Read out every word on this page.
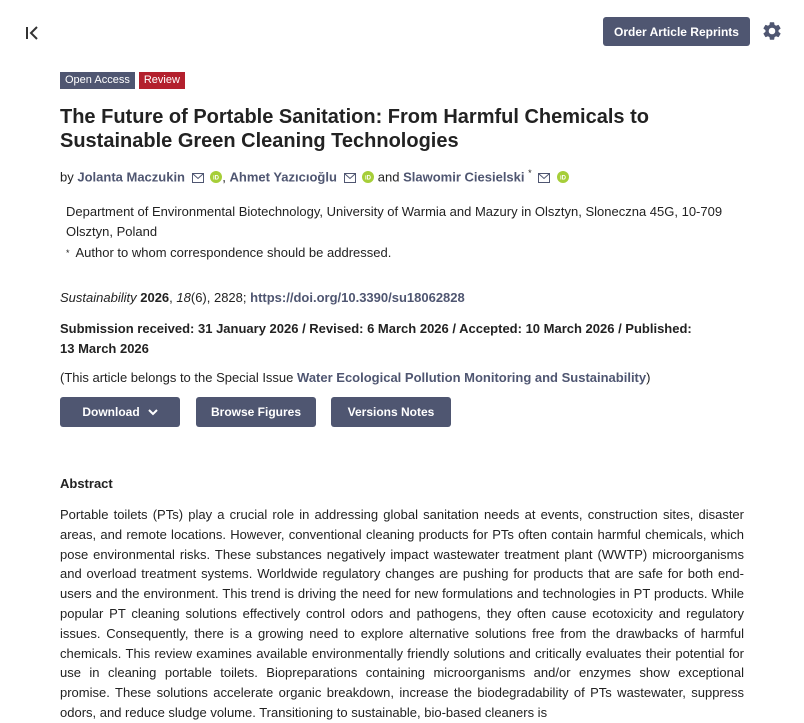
Order Article Reprints
Open Access	Review
The Future of Portable Sanitation: From Harmful Chemicals to Sustainable Green Cleaning Technologies
by Jolanta Maczukin	iD , Ahmet Yazıcıoğlu	iD and Slawomir Ciesielski *
iD
Department of Environmental Biotechnology, University of Warmia and Mazury in Olsztyn, Sloneczna 45G, 10-709 Olsztyn, Poland
* Author to whom correspondence should be addressed.
Sustainability 2026, 18(6), 2828; https://doi.org/10.3390/su18062828
Submission received: 31 January 2026 / Revised: 6 March 2026 / Accepted: 10 March 2026 / Published: 13 March 2026
(This article belongs to the Special Issue Water Ecological Pollution Monitoring and Sustainability)
Download	Browse Figures	Versions Notes
Abstract

Portable toilets (PTs) play a crucial role in addressing global sanitation needs at events, construction sites, disaster areas, and remote locations. However, conventional cleaning products for PTs often contain harmful chemicals, which pose environmental risks. These substances negatively impact wastewater treatment plant (WWTP) microorganisms and overload treatment systems. Worldwide regulatory changes are pushing for products that are safe for both end-users and the environment. This trend is driving the need for new formulations and technologies in PT products. While popular PT cleaning solutions effectively control odors and pathogens, they often cause ecotoxicity and regulatory issues. Consequently, there is a growing need to explore alternative solutions free from the drawbacks of harmful chemicals. This review examines available environmentally friendly solutions and critically evaluates their potential for use in cleaning portable toilets. Biopreparations containing microorganisms and/or enzymes show exceptional promise. These solutions accelerate organic breakdown, increase the biodegradability of PTs wastewater, suppress odors, and reduce sludge volume. Transitioning to sustainable, bio-based cleaners is
